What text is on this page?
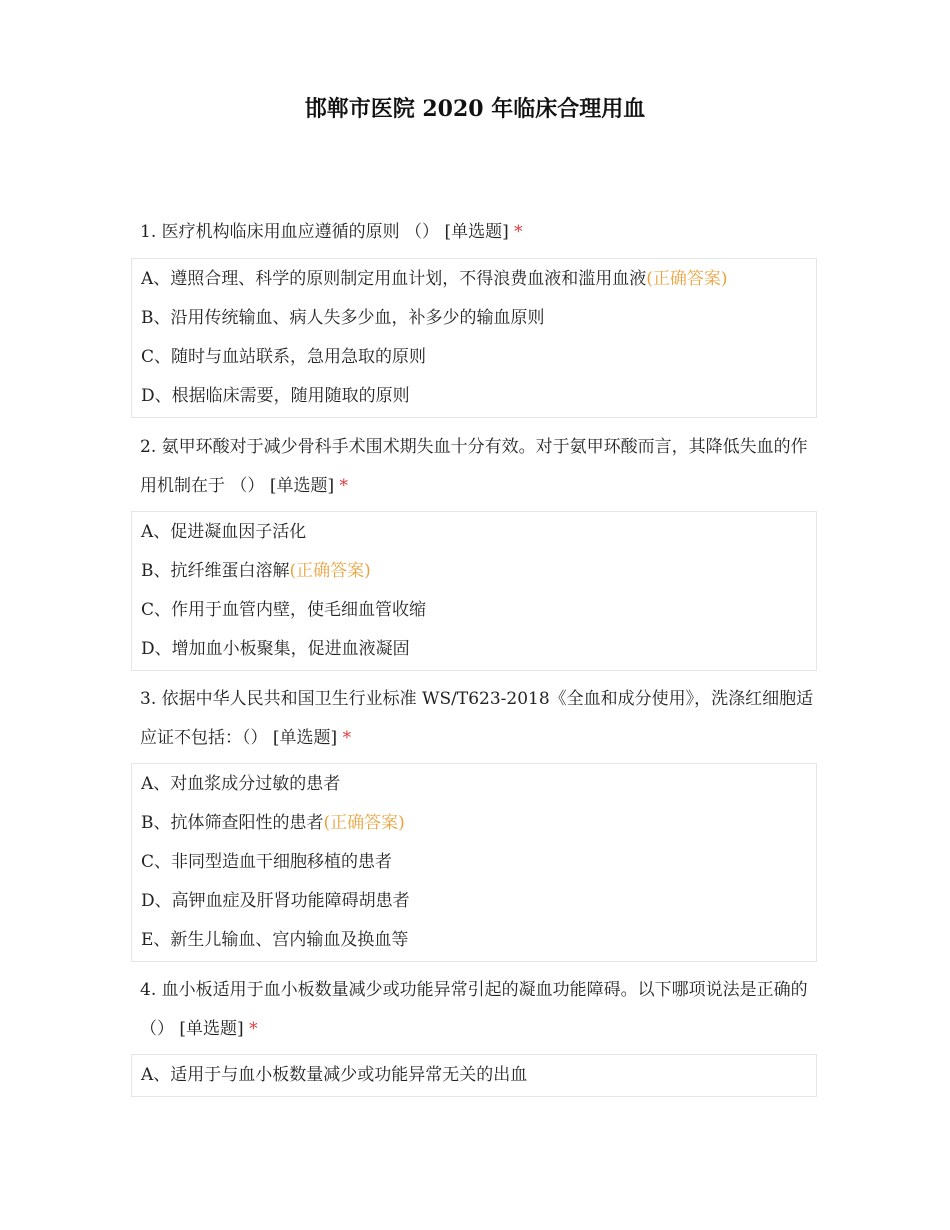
邯郸市医院 2020 年临床合理用血
1. 医疗机构临床用血应遵循的原则 （） [单选题] *
A、遵照合理、科学的原则制定用血计划，不得浪费血液和滥用血液(正确答案)
B、沿用传统输血、病人失多少血，补多少的输血原则
C、随时与血站联系，急用急取的原则
D、根据临床需要，随用随取的原则
2. 氨甲环酸对于减少骨科手术围术期失血十分有效。对于氨甲环酸而言，其降低失血的作用机制在于 （） [单选题] *
A、促进凝血因子活化
B、抗纤维蛋白溶解(正确答案)
C、作用于血管内壁，使毛细血管收缩
D、增加血小板聚集，促进血液凝固
3. 依据中华人民共和国卫生行业标准 WS/T623-2018《全血和成分使用》，洗涤红细胞适应证不包括：（） [单选题] *
A、对血浆成分过敏的患者
B、抗体筛查阳性的患者(正确答案)
C、非同型造血干细胞移植的患者
D、高钾血症及肝肾功能障碍胡患者
E、新生儿输血、宫内输血及换血等
4. 血小板适用于血小板数量减少或功能异常引起的凝血功能障碍。以下哪项说法是正确的（） [单选题] *
A、适用于与血小板数量减少或功能异常无关的出血
